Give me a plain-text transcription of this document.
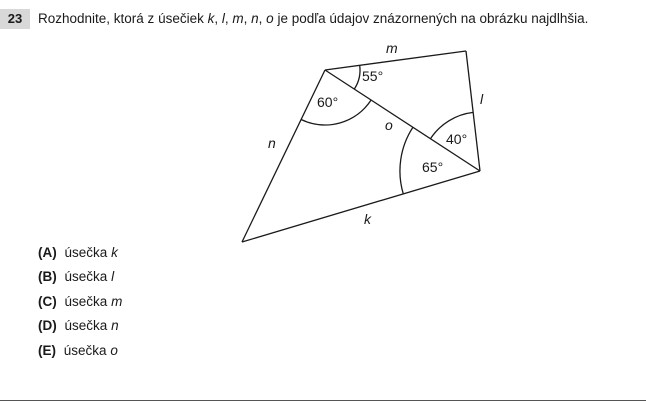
23	Rozhodnite, ktorá z úsečiek k, l, m, n, o je podľa údajov znázornených na obrázku najdlhšia.
m
l
n
o
k
60°
55°
40°
65°
(A) úsečka k
(B) úsečka l
(C) úsečka m
(D) úsečka n
(E) úsečka o
